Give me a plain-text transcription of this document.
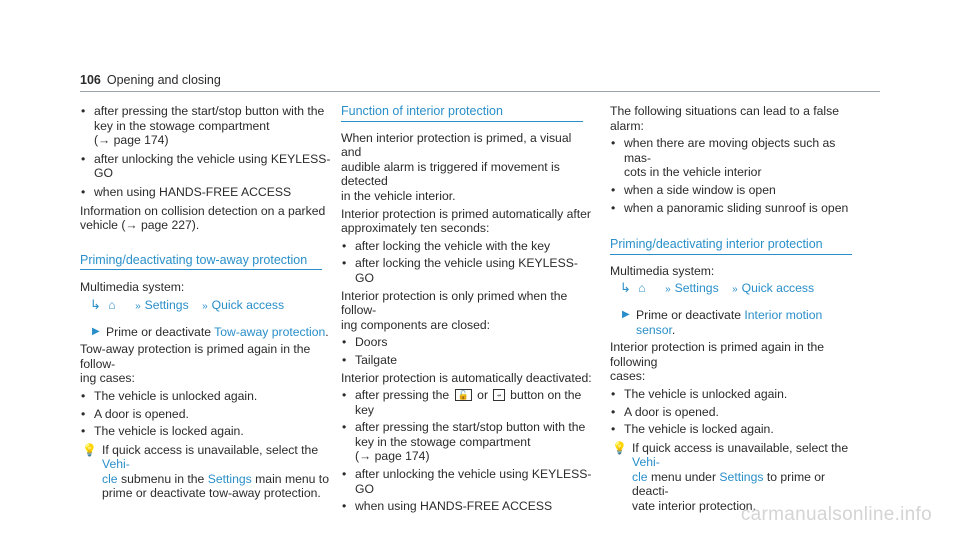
106 Opening and closing

• after pressing the start/stop button with the

key in the stowage compartment

(→ page 174)

• after unlocking the vehicle using KEYLESS-GO

• when using HANDS-FREE ACCESS

Information on collision detection on a parked

vehicle (→ page 227).

Priming/deactivating tow-away protection

Multimedia system:

↳ ⌂ » Settings » Quick access
▶ Prime or deactivate Tow-away protection.

Tow-away protection is primed again in the follow-

ing cases:

• The vehicle is unlocked again.

• A door is opened.

• The vehicle is locked again.

💡 If quick access is unavailable, select the Vehi-

cle submenu in the Settings main menu to

prime or deactivate tow-away protection.

Function of interior protection

When interior protection is primed, a visual and

audible alarm is triggered if movement is detected

in the vehicle interior.

Interior protection is primed automatically after

approximately ten seconds:

• after locking the vehicle with the key

• after locking the vehicle using KEYLESS-GO

Interior protection is only primed when the follow-

ing components are closed:

• Doors

• Tailgate

Interior protection is automatically deactivated:

• after pressing the 🔓 or ⍆ button on the

key

• after pressing the start/stop button with the

key in the stowage compartment

(→ page 174)

• after unlocking the vehicle using KEYLESS-GO

• when using HANDS-FREE ACCESS

The following situations can lead to a false alarm:

• when there are moving objects such as mas-

cots in the vehicle interior

• when a side window is open

• when a panoramic sliding sunroof is open

Priming/deactivating interior protection

Multimedia system:

↳ ⌂ » Settings » Quick access
▶ Prime or deactivate Interior motion sensor.

Interior protection is primed again in the following

cases:

• The vehicle is unlocked again.

• A door is opened.

• The vehicle is locked again.

💡 If quick access is unavailable, select the Vehi-

cle menu under Settings to prime or deacti-

vate interior protection.

carmanualsonline.info
